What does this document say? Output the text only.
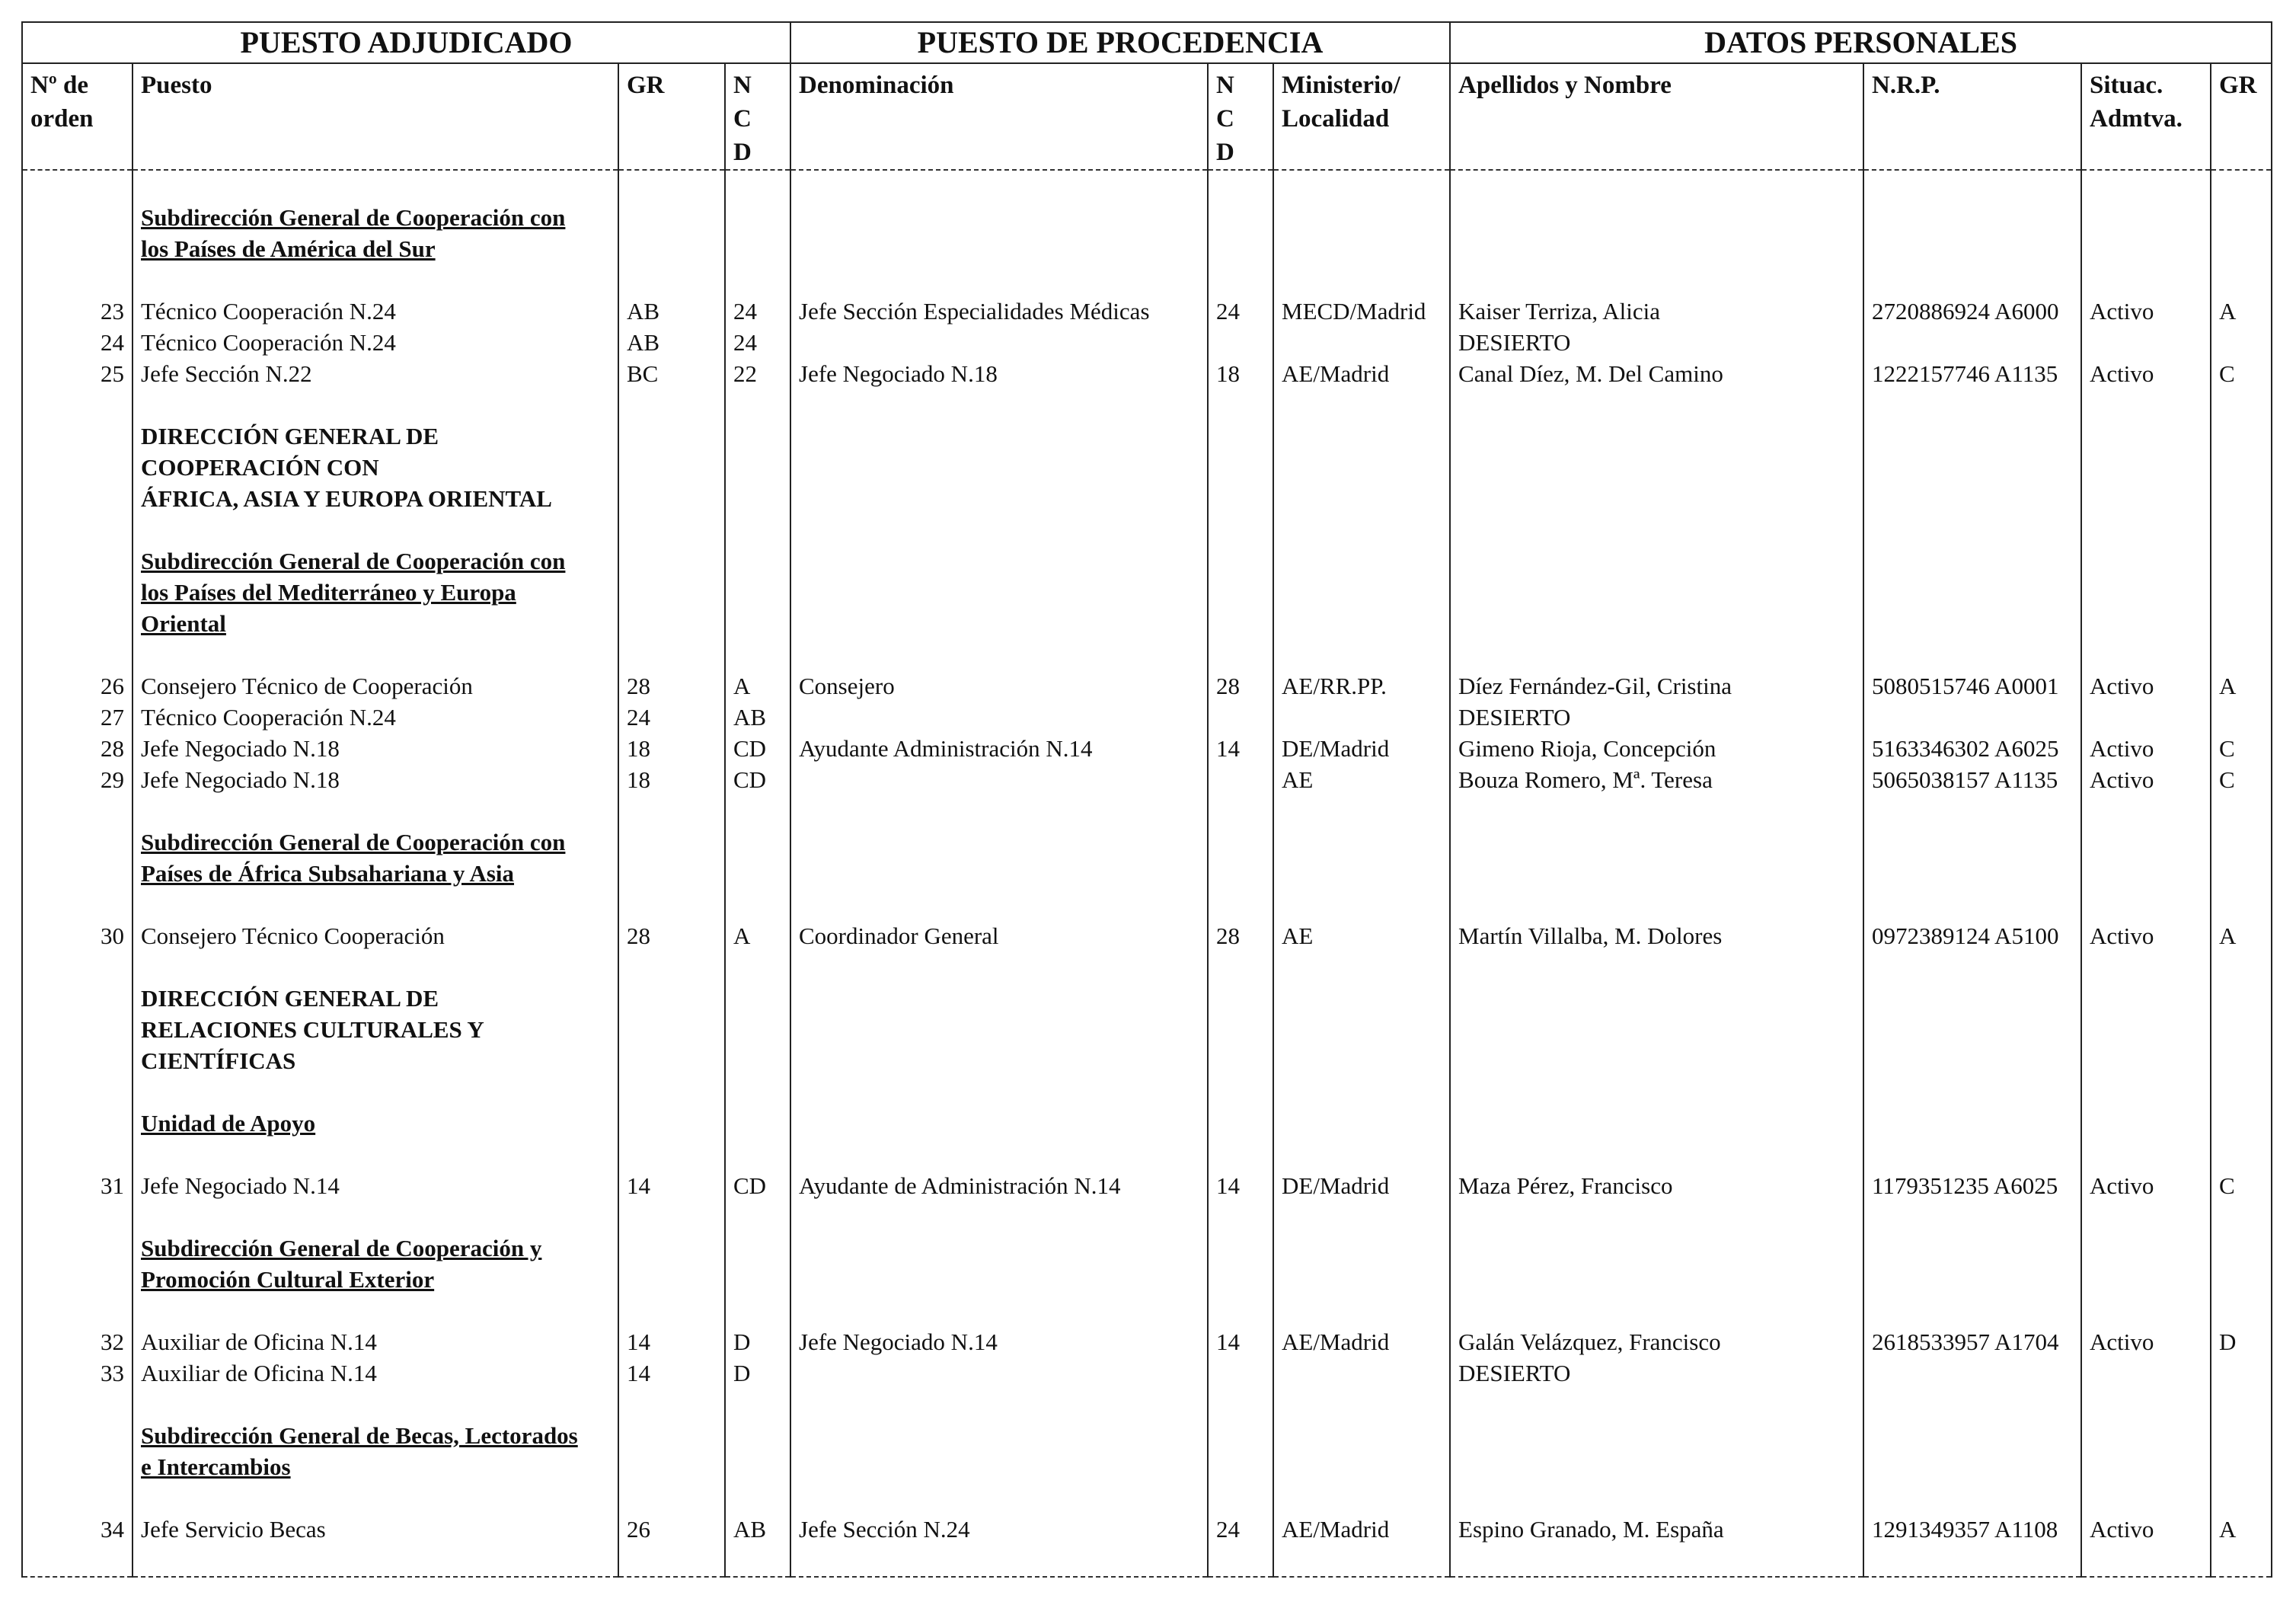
PUESTO ADJUDICADO				PUESTO DE PROCEDENCIA			DATOS PERSONALES			
Nº de
orden	Puesto	GR	N
C
D	Denominación	N
C
D	Ministerio/
Localidad	Apellidos y Nombre	N.R.P.	Situac.
Admtva.	GR

	Subdirección General de Cooperación con									
	los Países de América del Sur									

23	Técnico Cooperación N.24	AB	24	Jefe Sección Especialidades Médicas	24	MECD/Madrid	Kaiser Terriza, Alicia	2720886924 A6000	Activo	A
24	Técnico Cooperación N.24	AB	24				DESIERTO			
25	Jefe Sección N.22	BC	22	Jefe Negociado N.18	18	AE/Madrid	Canal Díez, M. Del Camino	1222157746 A1135	Activo	C

	DIRECCIÓN GENERAL DE									
	COOPERACIÓN CON									
	ÁFRICA, ASIA Y EUROPA ORIENTAL									

	Subdirección General de Cooperación con									
	los Países del Mediterráneo y Europa									
	Oriental									

26	Consejero Técnico de Cooperación	28	A	Consejero	28	AE/RR.PP.	Díez Fernández-Gil, Cristina	5080515746 A0001	Activo	A
27	Técnico Cooperación N.24	24	AB				DESIERTO			
28	Jefe Negociado N.18	18	CD	Ayudante Administración N.14	14	DE/Madrid	Gimeno Rioja, Concepción	5163346302 A6025	Activo	C
29	Jefe Negociado N.18	18	CD			AE	Bouza Romero, Mª. Teresa	5065038157 A1135	Activo	C

	Subdirección General de Cooperación con									
	Países de África Subsahariana y Asia									

30	Consejero Técnico Cooperación	28	A	Coordinador General	28	AE	Martín Villalba, M. Dolores	0972389124 A5100	Activo	A

	DIRECCIÓN GENERAL DE									
	RELACIONES CULTURALES Y									
	CIENTÍFICAS									

	Unidad de Apoyo									

31	Jefe Negociado N.14	14	CD	Ayudante de Administración N.14	14	DE/Madrid	Maza Pérez, Francisco	1179351235 A6025	Activo	C

	Subdirección General de Cooperación y									
	Promoción Cultural Exterior									

32	Auxiliar de Oficina N.14	14	D	Jefe Negociado N.14	14	AE/Madrid	Galán Velázquez, Francisco	2618533957 A1704	Activo	D
33	Auxiliar de Oficina N.14	14	D				DESIERTO			

	Subdirección General de Becas, Lectorados									
	e Intercambios									

34	Jefe Servicio Becas	26	AB	Jefe Sección N.24	24	AE/Madrid	Espino Granado, M. España	1291349357 A1108	Activo	A
